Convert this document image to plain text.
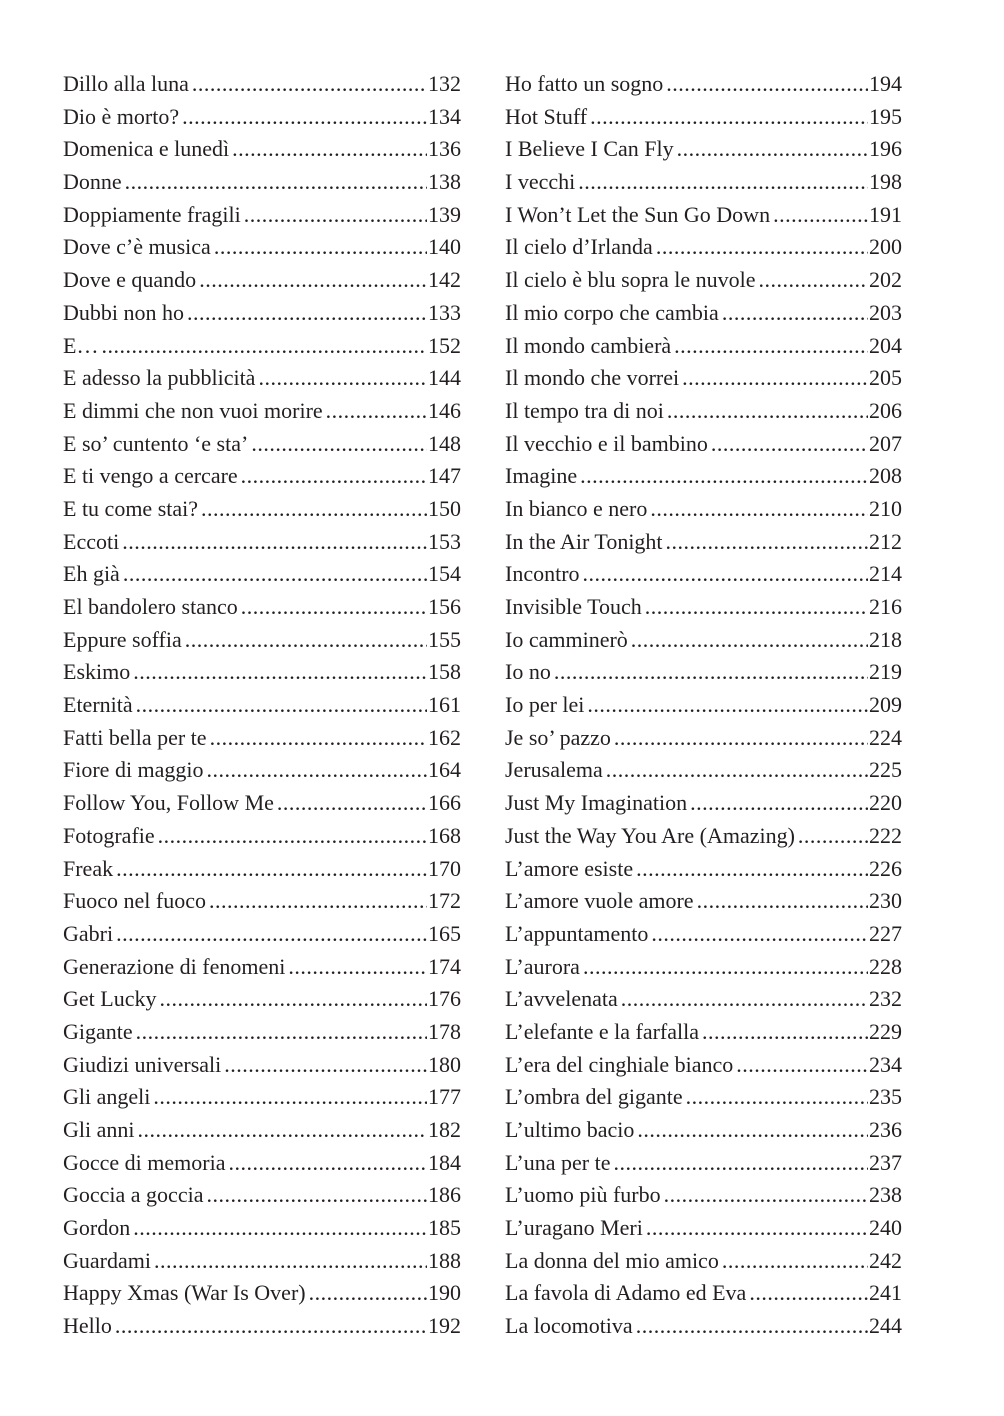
Dillo alla luna .....	132
Dio è morto? .....	134
Domenica e lunedì .....	136
Donne .....	138
Doppiamente fragili .....	139
Dove c’è musica .....	140
Dove e quando .....	142
Dubbi non ho .....	133
E… .....	152
E adesso la pubblicità .....	144
E dimmi che non vuoi morire .....	146
E so’ cuntento ‘e sta’ .....	148
E ti vengo a cercare .....	147
E tu come stai? .....	150
Eccoti .....	153
Eh già .....	154
El bandolero stanco .....	156
Eppure soffia .....	155
Eskimo .....	158
Eternità .....	161
Fatti bella per te .....	162
Fiore di maggio .....	164
Follow You, Follow Me .....	166
Fotografie .....	168
Freak .....	170
Fuoco nel fuoco .....	172
Gabri .....	165
Generazione di fenomeni .....	174
Get Lucky .....	176
Gigante .....	178
Giudizi universali .....	180
Gli angeli .....	177
Gli anni .....	182
Gocce di memoria .....	184
Goccia a goccia .....	186
Gordon .....	185
Guardami .....	188
Happy Xmas (War Is Over) .....	190
Hello .....	192
Ho fatto un sogno .....	194
Hot Stuff .....	195
I Believe I Can Fly .....	196
I vecchi .....	198
I Won’t Let the Sun Go Down .....	191
Il cielo d’Irlanda .....	200
Il cielo è blu sopra le nuvole .....	202
Il mio corpo che cambia .....	203
Il mondo cambierà .....	204
Il mondo che vorrei .....	205
Il tempo tra di noi .....	206
Il vecchio e il bambino .....	207
Imagine .....	208
In bianco e nero .....	210
In the Air Tonight .....	212
Incontro .....	214
Invisible Touch .....	216
Io camminerò .....	218
Io no .....	219
Io per lei .....	209
Je so’ pazzo .....	224
Jerusalema .....	225
Just My Imagination .....	220
Just the Way You Are (Amazing) .....	222
L’amore esiste .....	226
L’amore vuole amore .....	230
L’appuntamento .....	227
L’aurora .....	228
L’avvelenata .....	232
L’elefante e la farfalla .....	229
L’era del cinghiale bianco .....	234
L’ombra del gigante .....	235
L’ultimo bacio .....	236
L’una per te .....	237
L’uomo più furbo .....	238
L’uragano Meri .....	240
La donna del mio amico .....	242
La favola di Adamo ed Eva .....	241
La locomotiva .....	244
